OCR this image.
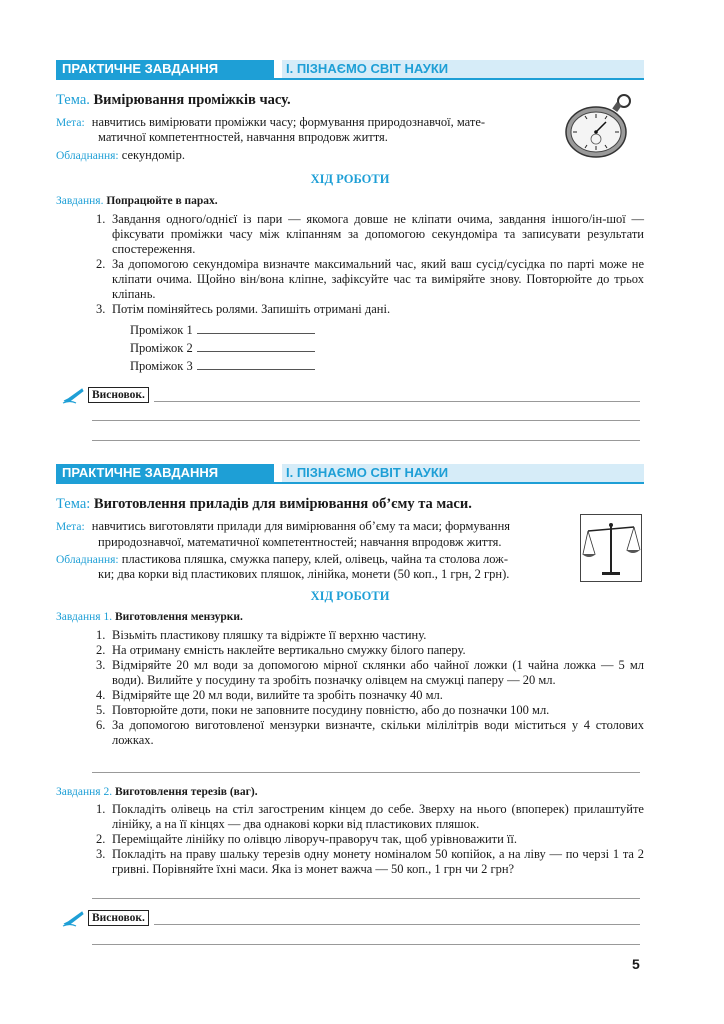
ПРАКТИЧНЕ ЗАВДАННЯ	І. ПІЗНАЄМО СВІТ НАУКИ
Тема. Вимірювання проміжків часу.
Мета: навчитись вимірювати проміжки часу; формування природознавчої, мате-
матичної компетентностей, навчання впродовж життя.
Обладнання: секундомір.
ХІД РОБОТИ
Завдання. Попрацюйте в парах.
1. Завдання одного/однієї із пари — якомога довше не кліпати очима, завдання іншого/ін-шої — фіксувати проміжки часу між кліпанням за допомогою секундоміра та записувати результати спостереження.
2. За допомогою секундоміра визначте максимальний час, який ваш сусід/сусідка по парті може не кліпати очима. Щойно він/вона кліпне, зафіксуйте час та виміряйте знову. Повторюйте до трьох кліпань.
3. Потім поміняйтесь ролями. Запишіть отримані дані.
Проміжок 1
Проміжок 2
Проміжок 3
Висновок.
ПРАКТИЧНЕ ЗАВДАННЯ	І. ПІЗНАЄМО СВІТ НАУКИ
Тема: Виготовлення приладів для вимірювання об’єму та маси.
Мета: навчитись виготовляти прилади для вимірювання об’єму та маси; формування
природознавчої, математичної компетентностей; навчання впродовж життя.
Обладнання: пластикова пляшка, смужка паперу, клей, олівець, чайна та столова лож-
ки; два корки від пластикових пляшок, лінійка, монети (50 коп., 1 грн, 2 грн).
ХІД РОБОТИ
Завдання 1. Виготовлення мензурки.
1. Візьміть пластикову пляшку та відріжте її верхню частину.
2. На отриману ємність наклейте вертикально смужку білого паперу.
3. Відміряйте 20 мл води за допомогою мірної склянки або чайної ложки (1 чайна ложка — 5 мл води). Вилийте у посудину та зробіть позначку олівцем на смужці паперу — 20 мл.
4. Відміряйте ще 20 мл води, вилийте та зробіть позначку 40 мл.
5. Повторюйте доти, поки не заповните посудину повністю, або до позначки 100 мл.
6. За допомогою виготовленої мензурки визначте, скільки мілілітрів води міститься у 4 столових ложках.
Завдання 2. Виготовлення терезів (ваг).
1. Покладіть олівець на стіл загостреним кінцем до себе. Зверху на нього (впоперек) прилаштуйте лінійку, а на її кінцях — два однакові корки від пластикових пляшок.
2. Переміщайте лінійку по олівцю ліворуч-праворуч так, щоб урівноважити її.
3. Покладіть на праву шальку терезів одну монету номіналом 50 копійок, а на ліву — по черзі 1 та 2 гривні. Порівняйте їхні маси. Яка із монет важча — 50 коп., 1 грн чи 2 грн?
Висновок.
5
